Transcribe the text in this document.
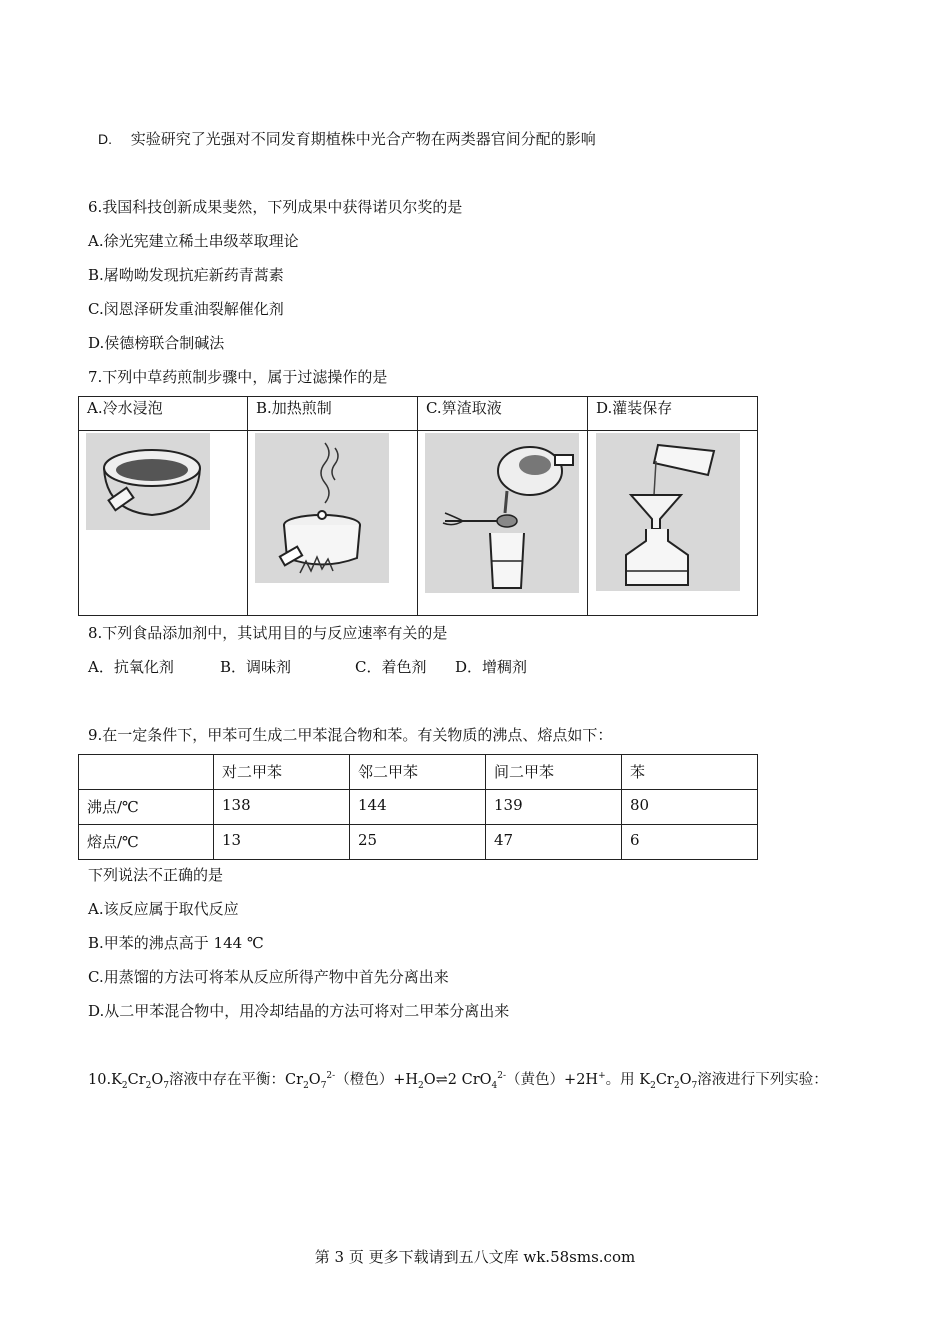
D. 实验研究了光强对不同发育期植株中光合产物在两类器官间分配的影响
6.我国科技创新成果斐然，下列成果中获得诺贝尔奖的是
A.徐光宪建立稀土串级萃取理论
B.屠呦呦发现抗疟新药青蒿素
C.闵恩泽研发重油裂解催化剂
D.侯德榜联合制碱法
7.下列中草药煎制步骤中，属于过滤操作的是
A.冷水浸泡	B.加热煎制	C.箅渣取液	D.灌装保存

8.下列食品添加剂中，其试用目的与反应速率有关的是
A．抗氧化剂	B．调味剂	C．着色剂 D．增稠剂
9.在一定条件下，甲苯可生成二甲苯混合物和苯。有关物质的沸点、熔点如下：
	对二甲苯	邻二甲苯	间二甲苯	苯
沸点/℃	138	144	139	80
熔点/℃	13	25	47	6
下列说法不正确的是
A.该反应属于取代反应
B.甲苯的沸点高于 144 ℃
C.用蒸馏的方法可将苯从反应所得产物中首先分离出来
D.从二甲苯混合物中，用冷却结晶的方法可将对二甲苯分离出来
$10.K_2Cr_2O_7$溶液中存在平衡：$Cr_2O_7^{2-}$（橙色）$+H_2O\rightleftharpoons 2$ CrO$_4^{2-}$（黄色）+2H+。用 $K_2Cr_2O_7$溶液进行下列实验：
第 3 页 更多下载请到五八文库 wk.58sms.com
